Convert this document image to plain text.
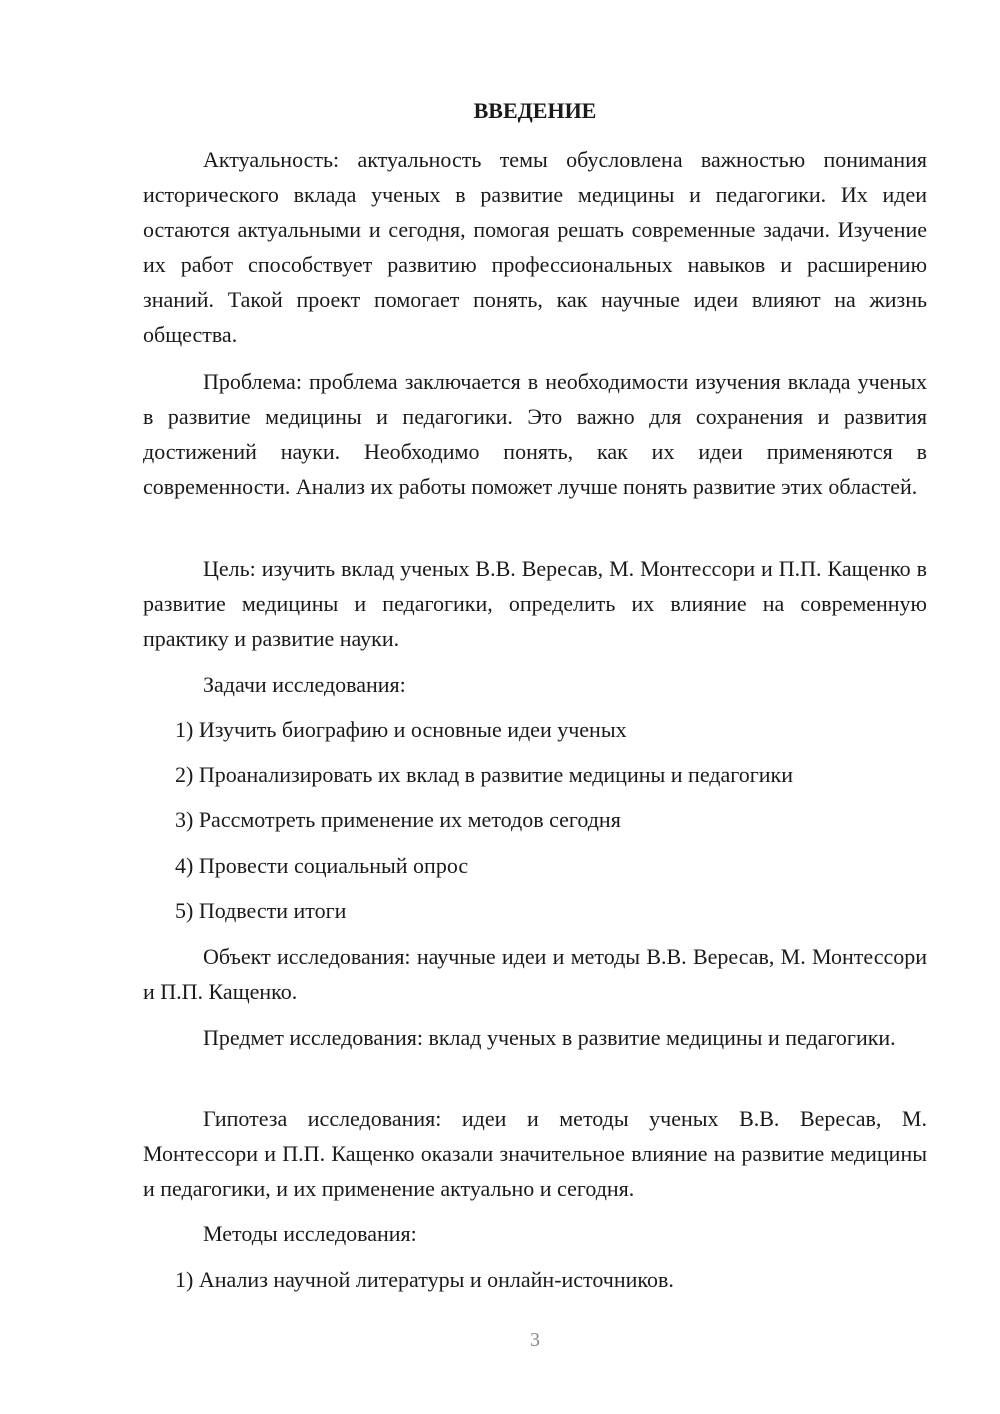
ВВЕДЕНИЕ
Актуальность: актуальность темы обусловлена важностью понимания исторического вклада ученых в развитие медицины и педагогики. Их идеи остаются актуальными и сегодня, помогая решать современные задачи. Изучение их работ способствует развитию профессиональных навыков и расширению знаний. Такой проект помогает понять, как научные идеи влияют на жизнь общества.
Проблема: проблема заключается в необходимости изучения вклада ученых в развитие медицины и педагогики. Это важно для сохранения и развития достижений науки. Необходимо понять, как их идеи применяются в современности. Анализ их работы поможет лучше понять развитие этих областей.
Цель: изучить вклад ученых В.В. Вересав, М. Монтессори и П.П. Кащенко в развитие медицины и педагогики, определить их влияние на современную практику и развитие науки.
Задачи исследования:
1) Изучить биографию и основные идеи ученых
2) Проанализировать их вклад в развитие медицины и педагогики
3) Рассмотреть применение их методов сегодня
4) Провести социальный опрос
5) Подвести итоги
Объект исследования: научные идеи и методы В.В. Вересав, М. Монтессори и П.П. Кащенко.
Предмет исследования: вклад ученых в развитие медицины и педагогики.
Гипотеза исследования: идеи и методы ученых В.В. Вересав, М. Монтессори и П.П. Кащенко оказали значительное влияние на развитие медицины и педагогики, и их применение актуально и сегодня.
Методы исследования:
1) Анализ научной литературы и онлайн-источников.
3
